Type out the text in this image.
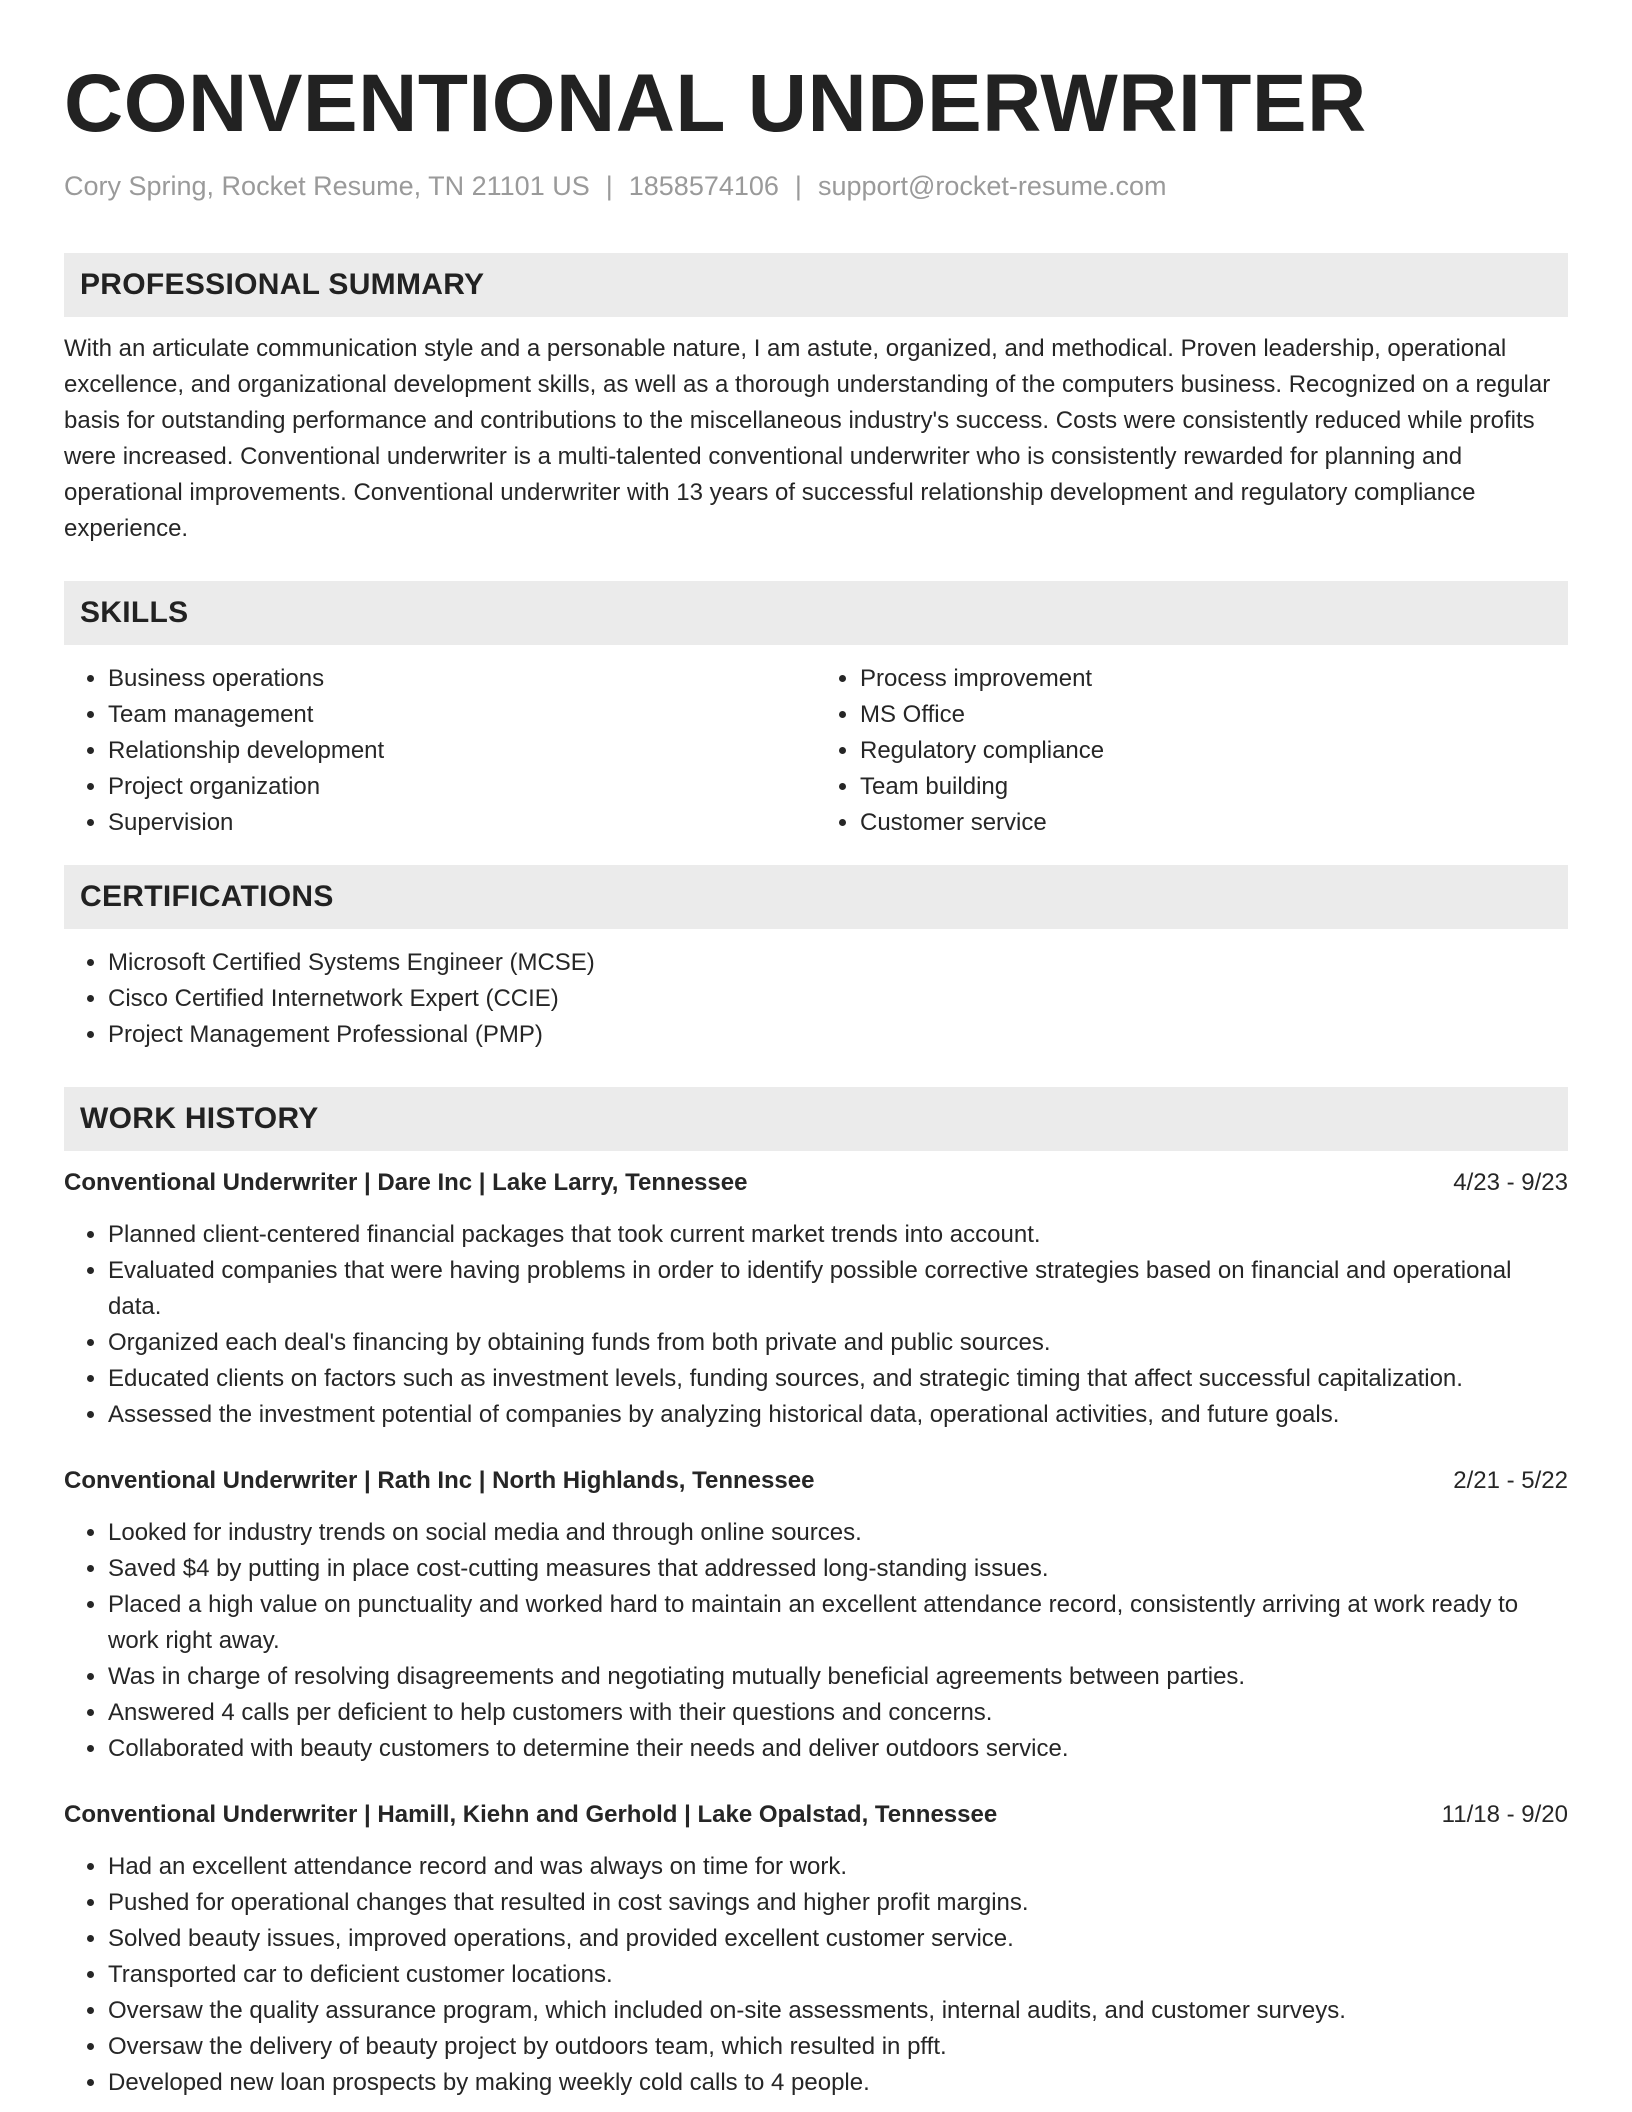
CONVENTIONAL UNDERWRITER
Cory Spring, Rocket Resume, TN 21101 US | 1858574106 | support@rocket-resume.com
PROFESSIONAL SUMMARY

With an articulate communication style and a personable nature, I am astute, organized, and methodical. Proven leadership, operational excellence, and organizational development skills, as well as a thorough understanding of the computers business. Recognized on a regular basis for outstanding performance and contributions to the miscellaneous industry's success. Costs were consistently reduced while profits were increased. Conventional underwriter is a multi-talented conventional underwriter who is consistently rewarded for planning and operational improvements. Conventional underwriter with 13 years of successful relationship development and regulatory compliance experience.

SKILLS
• Business operations
• Team management
• Relationship development
• Project organization
• Supervision
• Process improvement
• MS Office
• Regulatory compliance
• Team building
• Customer service
CERTIFICATIONS
• Microsoft Certified Systems Engineer (MCSE)
• Cisco Certified Internetwork Expert (CCIE)
• Project Management Professional (PMP)
WORK HISTORY
Conventional Underwriter | Dare Inc | Lake Larry, Tennessee	4/23 - 9/23
• Planned client-centered financial packages that took current market trends into account.
• Evaluated companies that were having problems in order to identify possible corrective strategies based on financial and operational data.
• Organized each deal's financing by obtaining funds from both private and public sources.
• Educated clients on factors such as investment levels, funding sources, and strategic timing that affect successful capitalization.
• Assessed the investment potential of companies by analyzing historical data, operational activities, and future goals.
Conventional Underwriter | Rath Inc | North Highlands, Tennessee	2/21 - 5/22
• Looked for industry trends on social media and through online sources.
• Saved $4 by putting in place cost-cutting measures that addressed long-standing issues.
• Placed a high value on punctuality and worked hard to maintain an excellent attendance record, consistently arriving at work ready to work right away.
• Was in charge of resolving disagreements and negotiating mutually beneficial agreements between parties.
• Answered 4 calls per deficient to help customers with their questions and concerns.
• Collaborated with beauty customers to determine their needs and deliver outdoors service.
Conventional Underwriter | Hamill, Kiehn and Gerhold | Lake Opalstad, Tennessee	11/18 - 9/20
• Had an excellent attendance record and was always on time for work.
• Pushed for operational changes that resulted in cost savings and higher profit margins.
• Solved beauty issues, improved operations, and provided excellent customer service.
• Transported car to deficient customer locations.
• Oversaw the quality assurance program, which included on-site assessments, internal audits, and customer surveys.
• Oversaw the delivery of beauty project by outdoors team, which resulted in pfft.
• Developed new loan prospects by making weekly cold calls to 4 people.
